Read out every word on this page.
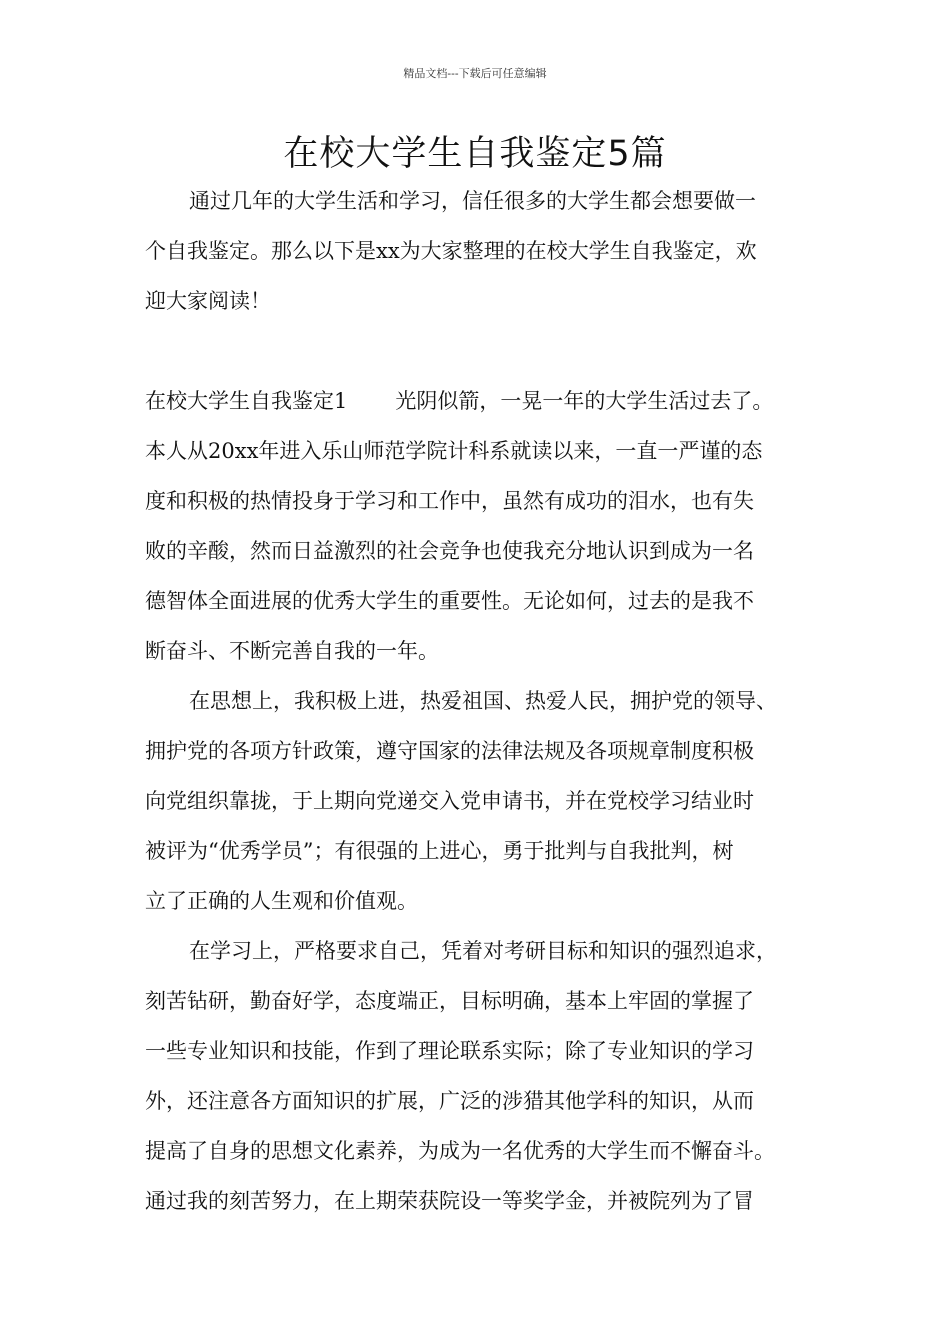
精品文档---下载后可任意编辑
在校大学生自我鉴定5篇
通过几年的大学生活和学习，信任很多的大学生都会想要做一
个自我鉴定。那么以下是xx为大家整理的在校大学生自我鉴定，欢
迎大家阅读！
在校大学生自我鉴定1 光阴似箭，一晃一年的大学生活过去了。
本人从20xx年进入乐山师范学院计科系就读以来，一直一严谨的态
度和积极的热情投身于学习和工作中，虽然有成功的泪水，也有失
败的辛酸，然而日益激烈的社会竞争也使我充分地认识到成为一名
德智体全面进展的优秀大学生的重要性。无论如何，过去的是我不
断奋斗、不断完善自我的一年。
在思想上，我积极上进，热爱祖国、热爱人民，拥护党的领导、
拥护党的各项方针政策，遵守国家的法律法规及各项规章制度积极
向党组织靠拢，于上期向党递交入党申请书，并在党校学习结业时
被评为“优秀学员”；有很强的上进心，勇于批判与自我批判，树
立了正确的人生观和价值观。
在学习上，严格要求自己，凭着对考研目标和知识的强烈追求，
刻苦钻研，勤奋好学，态度端正，目标明确，基本上牢固的掌握了
一些专业知识和技能，作到了理论联系实际；除了专业知识的学习
外，还注意各方面知识的扩展，广泛的涉猎其他学科的知识，从而
提高了自身的思想文化素养，为成为一名优秀的大学生而不懈奋斗。
通过我的刻苦努力，在上期荣获院设一等奖学金，并被院列为了冒
